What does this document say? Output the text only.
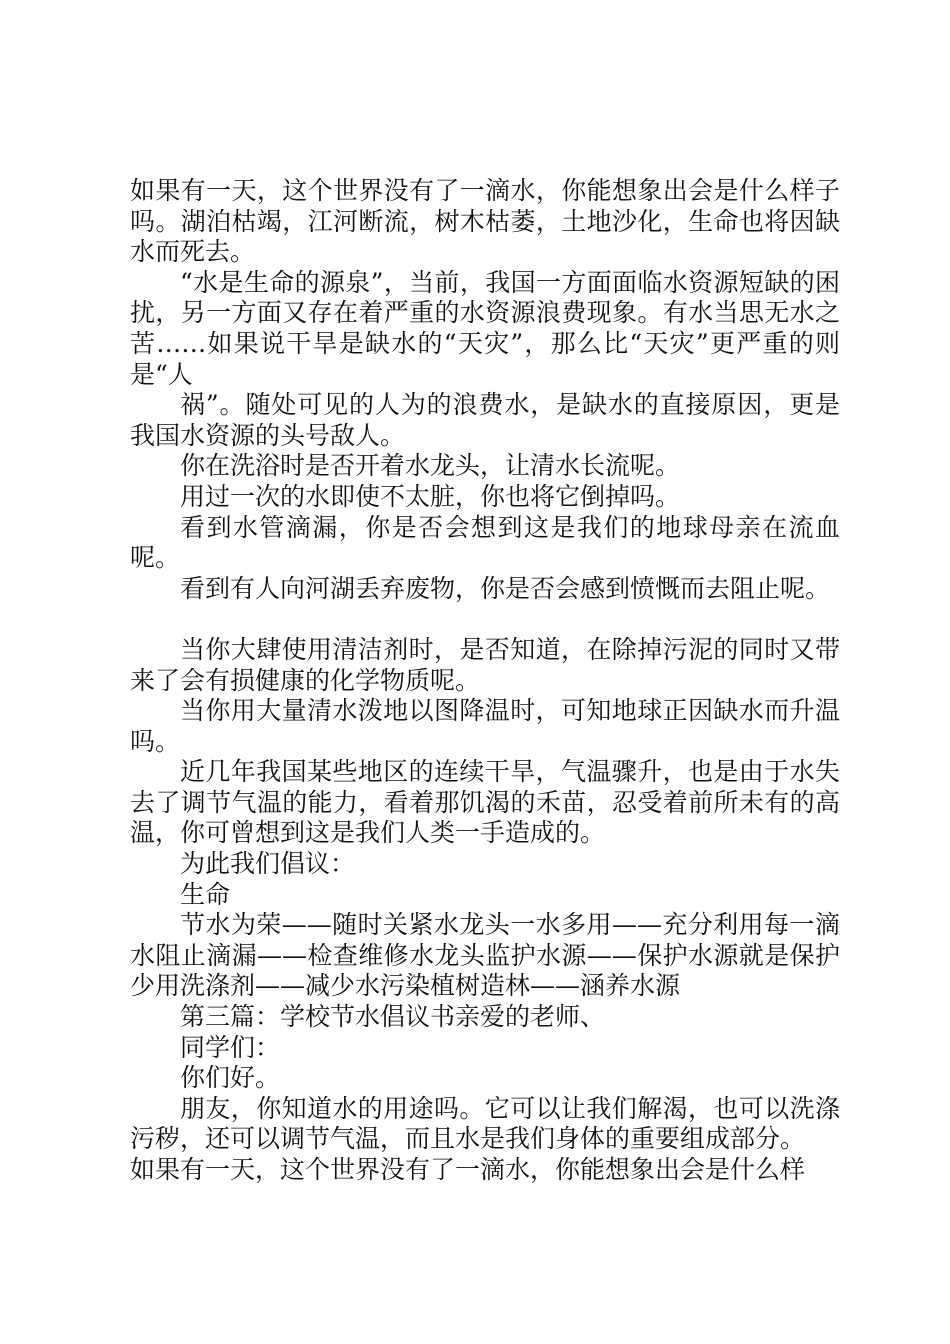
如果有一天，这个世界没有了一滴水，你能想象出会是什么样子吗。湖泊枯竭，江河断流，树木枯萎，土地沙化，生命也将因缺水而死去。

“水是生命的源泉”，当前，我国一方面面临水资源短缺的困扰，另一方面又存在着严重的水资源浪费现象。有水当思无水之苦……如果说干旱是缺水的“天灾”，那么比“天灾”更严重的则是“人

祸”。随处可见的人为的浪费水，是缺水的直接原因，更是我国水资源的头号敌人。

你在洗浴时是否开着水龙头，让清水长流呢。

用过一次的水即使不太脏，你也将它倒掉吗。

看到水管滴漏，你是否会想到这是我们的地球母亲在流血呢。

看到有人向河湖丢弃废物，你是否会感到愤慨而去阻止呢。

当你大肆使用清洁剂时，是否知道，在除掉污泥的同时又带来了会有损健康的化学物质呢。

当你用大量清水泼地以图降温时，可知地球正因缺水而升温吗。

近几年我国某些地区的连续干旱，气温骤升，也是由于水失去了调节气温的能力，看着那饥渴的禾苗，忍受着前所未有的高温，你可曾想到这是我们人类一手造成的。

为此我们倡议：

生命

节水为荣——随时关紧水龙头一水多用——充分利用每一滴水阻止滴漏——检查维修水龙头监护水源——保护水源就是保护少用洗涤剂——减少水污染植树造林——涵养水源

第三篇：学校节水倡议书亲爱的老师、

同学们：

你们好。

朋友，你知道水的用途吗。它可以让我们解渴，也可以洗涤污秽，还可以调节气温，而且水是我们身体的重要组成部分。

如果有一天，这个世界没有了一滴水，你能想象出会是什么样
